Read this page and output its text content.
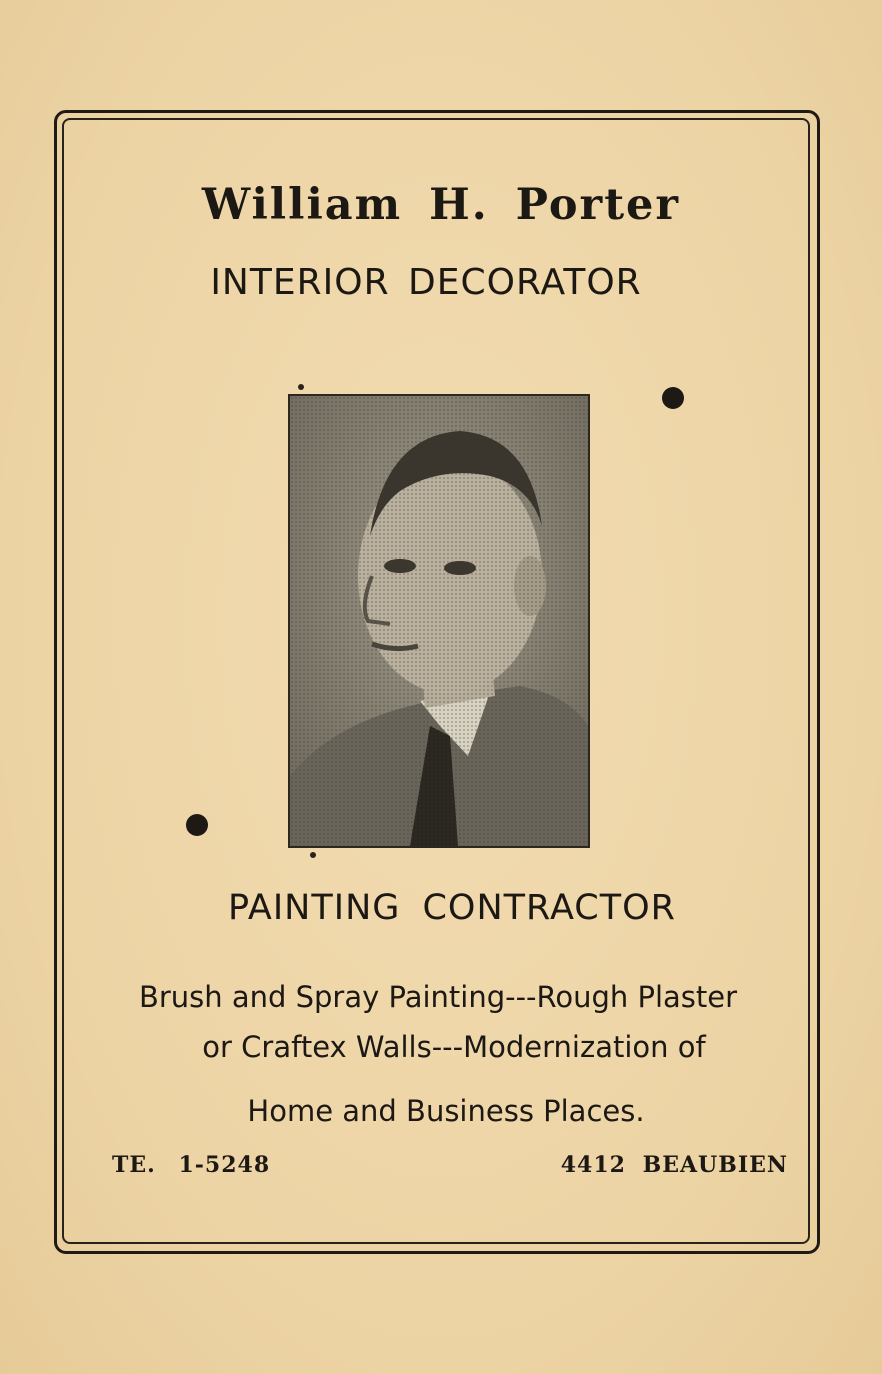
William H. Porter
INTERIOR DECORATOR
PAINTING CONTRACTOR
Brush and Spray Painting---Rough Plaster
or Craftex Walls---Modernization of
Home and Business Places.
TE. 1-5248	4412 BEAUBIEN
